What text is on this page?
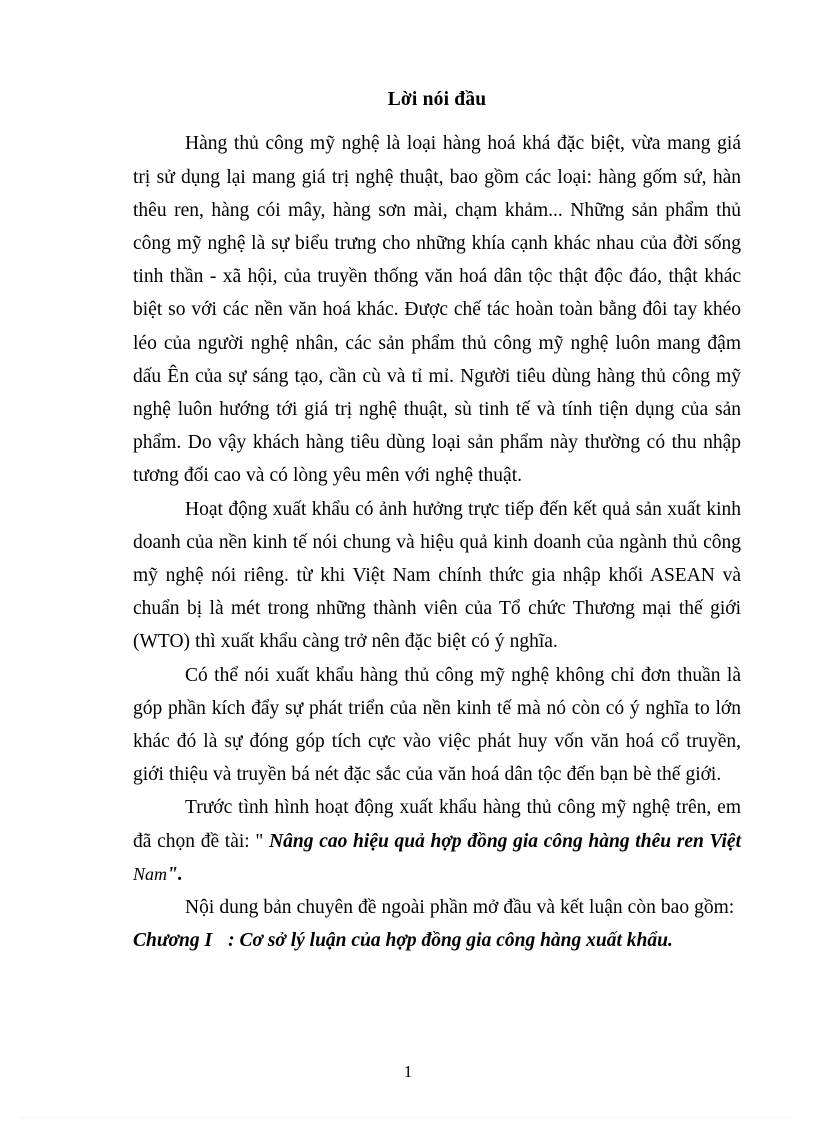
Lời nói đầu

Hàng thủ công mỹ nghệ là loại hàng hoá khá đặc biệt, vừa mang giá trị sử dụng lại mang giá trị nghệ thuật, bao gồm các loại: hàng gốm sứ, hàn thêu ren, hàng cói mây, hàng sơn mài, chạm khảm... Những sản phẩm thủ công mỹ nghệ là sự biểu trưng cho những khía cạnh khác nhau của đời sống tinh thần - xã hội, của truyền thống văn hoá dân tộc thật độc đáo, thật khác biệt so với các nền văn hoá khác. Được chế tác hoàn toàn bằng đôi tay khéo léo của người nghệ nhân, các sản phẩm thủ công mỹ nghệ luôn mang đậm dấu Ên của sự sáng tạo, cần cù và tỉ mỉ. Người tiêu dùng hàng thủ công mỹ nghệ luôn hướng tới giá trị nghệ thuật, sù tinh tế và tính tiện dụng của sản phẩm. Do vậy khách hàng tiêu dùng loại sản phẩm này thường có thu nhập tương đối cao và có lòng yêu mên với nghệ thuật.

Hoạt động xuất khẩu có ảnh hưởng trực tiếp đến kết quả sản xuất kinh doanh của nền kinh tế nói chung và hiệu quả kinh doanh của ngành thủ công mỹ nghệ nói riêng. từ khi Việt Nam chính thức gia nhập khối ASEAN và chuẩn bị là mét trong những thành viên của Tổ chức Thương mại thế giới (WTO) thì xuất khẩu càng trở nên đặc biệt có ý nghĩa.

Có thể nói xuất khẩu hàng thủ công mỹ nghệ không chỉ đơn thuần là góp phần kích đẩy sự phát triển của nền kinh tế mà nó còn có ý nghĩa to lớn khác đó là sự đóng góp tích cực vào việc phát huy vốn văn hoá cổ truyền, giới thiệu và truyền bá nét đặc sắc của văn hoá dân tộc đến bạn bè thế giới.

Trước tình hình hoạt động xuất khẩu hàng thủ công mỹ nghệ trên, em đã chọn đề tài: " Nâng cao hiệu quả hợp đồng gia công hàng thêu ren Việt Nam".

Nội dung bản chuyên đề ngoài phần mở đầu và kết luận còn bao gồm:

Chương I : Cơ sở lý luận của hợp đồng gia công hàng xuất khẩu.

1
